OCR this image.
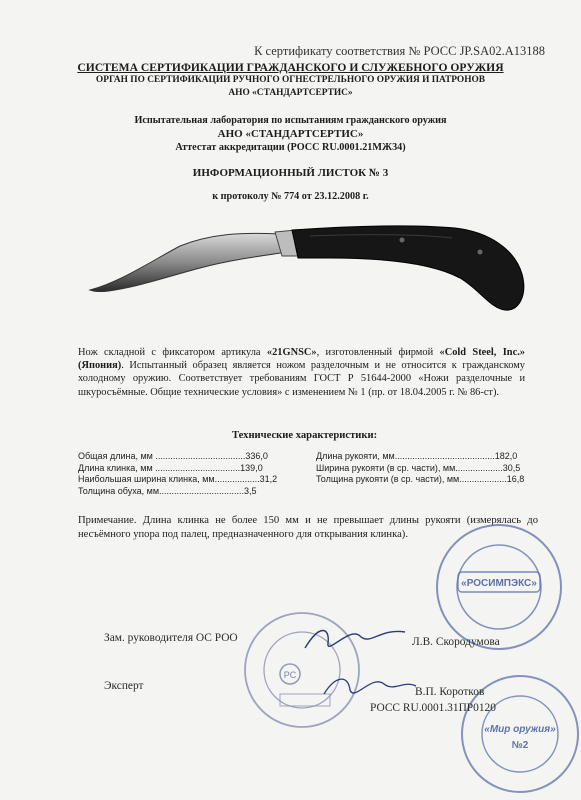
К сертификату соответствия № РОСС JP.SA02.A13188
СИСТЕМА СЕРТИФИКАЦИИ ГРАЖДАНСКОГО И СЛУЖЕБНОГО ОРУЖИЯ
ОРГАН ПО СЕРТИФИКАЦИИ РУЧНОГО ОГНЕСТРЕЛЬНОГО ОРУЖИЯ И ПАТРОНОВ
АНО «СТАНДАРТСЕРТИС»
Испытательная лаборатория по испытаниям гражданского оружия
АНО «СТАНДАРТСЕРТИС»
Аттестат аккредитации (РОСС RU.0001.21МЖ34)
ИНФОРМАЦИОННЫЙ ЛИСТОК № 3
к протоколу № 774 от 23.12.2008 г.
Нож складной с фиксатором артикула «21GNSC», изготовленный фирмой «Cold Steel, Inc.» (Япония). Испытанный образец является ножом разделочным и не относится к гражданскому холодному оружию. Соответствует требованиям ГОСТ Р 51644-2000 «Ножи разделочные и шкуросъёмные. Общие технические условия» с изменением № 1 (пр. от 18.04.2005 г. № 86-ст).
Технические характеристики:
Общая длина, мм ....................................336,0
Длина клинка, мм ..................................139,0
Наибольшая ширина клинка, мм..................31,2
Толщина обуха, мм..................................3,5
Длина рукояти, мм........................................182,0
Ширина рукояти (в ср. части), мм...................30,5
Толщина рукояти (в ср. части), мм...................16,8
Примечание. Длина клинка не более 150 мм и не превышает длины рукояти (измерялась до несъёмного упора под палец, предназначенного для открывания клинка).
«РОСИМПЭКС»
РС
«Мир оружия»
№2
Зам. руководителя ОС РОО	Л.В. Скородумова
Эксперт	В.П. Коротков
РОСС RU.0001.31ПР0120
